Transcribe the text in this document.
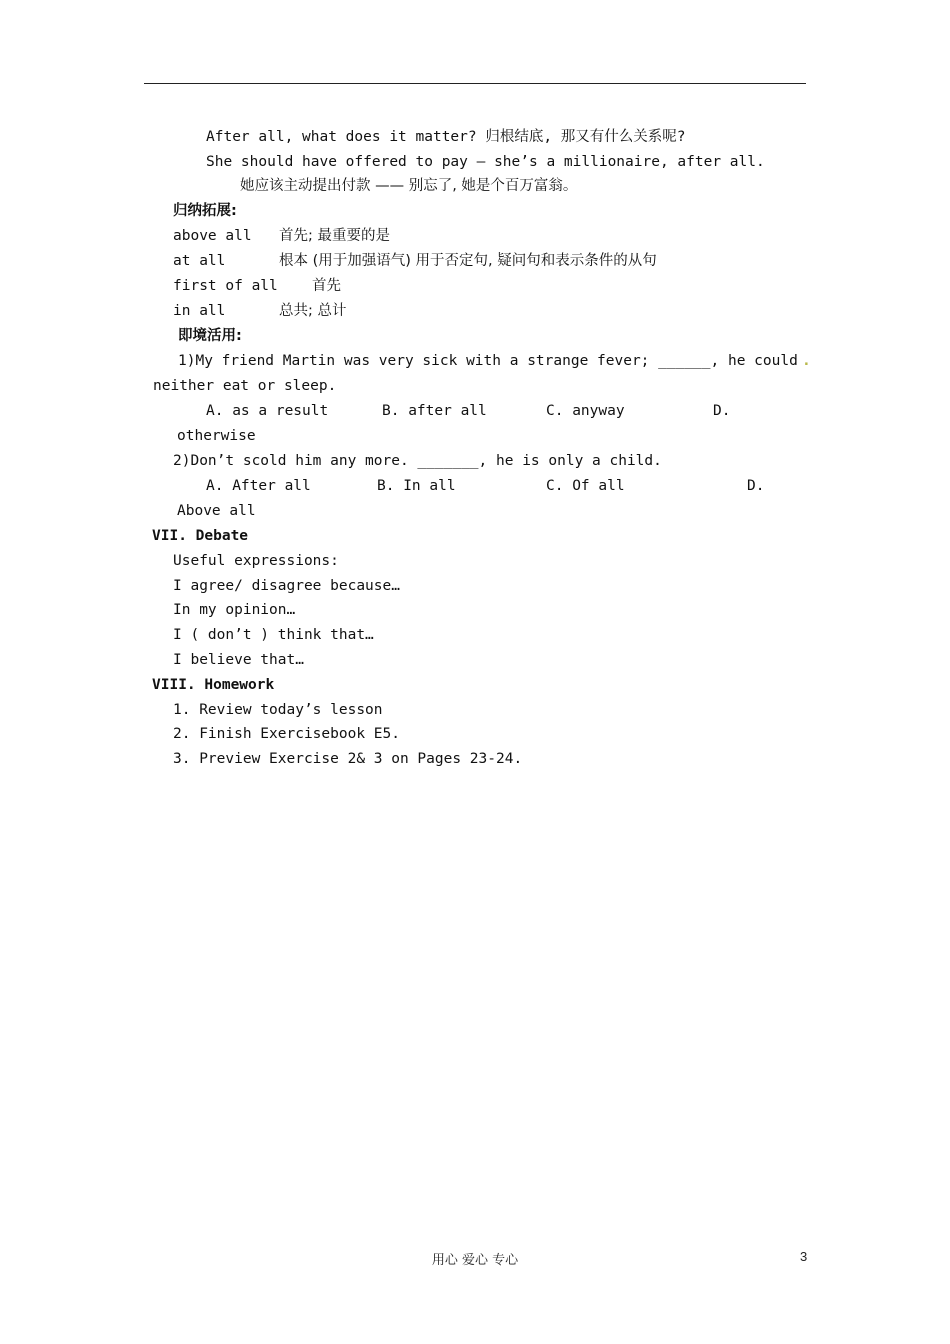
After all, what does it matter? 归根结底, 那又有什么关系呢?
She should have offered to pay — she’s a millionaire, after all.
她应该主动提出付款 —— 别忘了, 她是个百万富翁。
归纳拓展:
above all 首先; 最重要的是
at all	根本 (用于加强语气) 用于否定句, 疑问句和表示条件的从句
first of all 首先
in all	总共; 总计
即境活用:
1)My friend Martin was very sick with a strange fever; ______, he could .
neither eat or sleep.
A. as a result	B. after all	C. anyway	D.
otherwise
2)Don’t scold him any more. _______, he is only a child.
A. After all	B. In all	C. Of all	D.
Above all
VII. Debate
Useful expressions:
I agree/ disagree because…
In my opinion…
I ( don’t ) think that…
I believe that…
VIII. Homework
1. Review today’s lesson
2. Finish Exercisebook E5.
3. Preview Exercise 2& 3 on Pages 23-24.
用心 爱心 专心	3
